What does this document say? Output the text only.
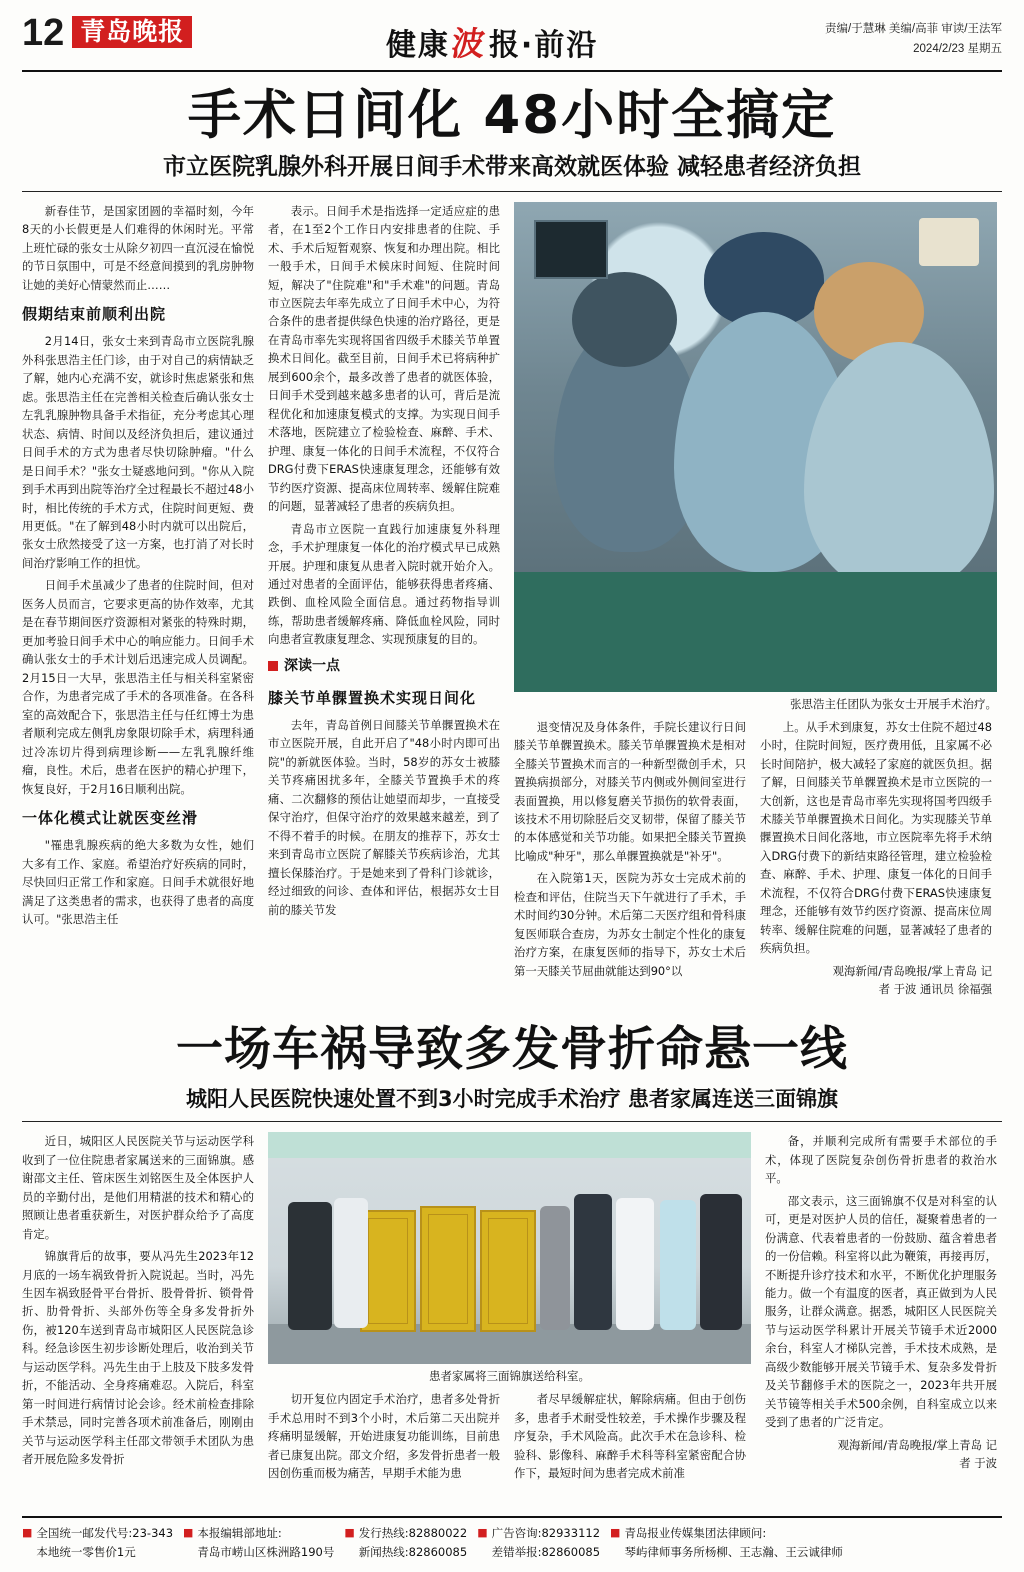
12 青岛晚报	健康波报·前沿	责编/于慧琳 美编/高菲 审读/王法军
2024/2/23 星期五
手术日间化 48小时全搞定
市立医院乳腺外科开展日间手术带来高效就医体验 减轻患者经济负担

新春佳节，是国家团圆的幸福时刻，今年8天的小长假更是人们难得的休闲时光。平常上班忙碌的张女士从除夕初四一直沉浸在愉悦的节日氛围中，可是不经意间摸到的乳房肿物让她的美好心情蒙然而止……

假期结束前顺利出院

2月14日，张女士来到青岛市立医院乳腺外科张思浩主任门诊，由于对自己的病情缺乏了解，她内心充满不安，就诊时焦虑紧张和焦虑。张思浩主任在完善相关检查后确认张女士左乳乳腺肿物具备手术指征，充分考虑其心理状态、病情、时间以及经济负担后，建议通过日间手术的方式为患者尽快切除肿瘤。"什么是日间手术？"张女士疑惑地问到。"你从入院到手术再到出院等治疗全过程最长不超过48小时，相比传统的手术方式，住院时间更短、费用更低。"在了解到48小时内就可以出院后，张女士欣然接受了这一方案，也打消了对长时间治疗影响工作的担忧。

日间手术虽减少了患者的住院时间，但对医务人员而言，它要求更高的协作效率，尤其是在春节期间医疗资源相对紧张的特殊时期，更加考验日间手术中心的响应能力。日间手术确认张女士的手术计划后迅速完成人员调配。2月15日一大早，张思浩主任与相关科室紧密合作，为患者完成了手术的各项准备。在各科室的高效配合下，张思浩主任与任红博士为患者顺利完成左侧乳房象限切除手术，病理科通过冷冻切片得到病理诊断——左乳乳腺纤维瘤，良性。术后，患者在医护的精心护理下，恢复良好，于2月16日顺利出院。

一体化模式让就医变丝滑

"罹患乳腺疾病的绝大多数为女性，她们大多有工作、家庭。希望治疗好疾病的同时，尽快回归正常工作和家庭。日间手术就很好地满足了这类患者的需求，也获得了患者的高度认可。"张思浩主任

表示。日间手术是指选择一定适应症的患者，在1至2个工作日内安排患者的住院、手术、手术后短暂观察、恢复和办理出院。相比一般手术，日间手术候床时间短、住院时间短，解决了"住院难"和"手术难"的问题。青岛市立医院去年率先成立了日间手术中心，为符合条件的患者提供绿色快速的治疗路径，更是在青岛市率先实现将国省四级手术膝关节单置换术日间化。截至目前，日间手术已将病种扩展到600余个，最多改善了患者的就医体验，日间手术受到越来越多患者的认可，背后是流程优化和加速康复模式的支撑。为实现日间手术落地，医院建立了检验检查、麻醉、手术、护理、康复一体化的日间手术流程，不仅符合DRG付费下ERAS快速康复理念，还能够有效节约医疗资源、提高床位周转率、缓解住院难的问题，显著减轻了患者的疾病负担。

青岛市立医院一直践行加速康复外科理念，手术护理康复一体化的治疗模式早已成熟开展。护理和康复从患者入院时就开始介入。通过对患者的全面评估，能够获得患者疼痛、跌倒、血栓风险全面信息。通过药物指导训练，帮助患者缓解疼痛、降低血栓风险，同时向患者宣教康复理念、实现预康复的目的。

深读一点
膝关节单髁置换术实现日间化

去年，青岛首例日间膝关节单髁置换术在市立医院开展，自此开启了"48小时内即可出院"的新就医体验。当时，58岁的苏女士被膝关节疼痛困扰多年，全膝关节置换手术的疼痛、二次翻修的预估让她望而却步，一直接受保守治疗，但保守治疗的效果越来越差，到了不得不着手的时候。在朋友的推荐下，苏女士来到青岛市立医院了解膝关节疾病诊治，尤其擅长保膝治疗。于是她来到了骨科门诊就诊，经过细致的问诊、查体和评估，根据苏女士目前的膝关节发

张思浩主任团队为张女士开展手术治疗。

退变情况及身体条件，手院长建议行日间膝关节单髁置换术。膝关节单髁置换术是相对全膝关节置换术而言的一种新型微创手术，只置换病损部分，对膝关节内侧或外侧间室进行表面置换，用以修复磨关节损伤的软骨表面，该技术不用切除胫后交叉韧带，保留了膝关节的本体感觉和关节功能。如果把全膝关节置换比喻成"种牙"，那么单髁置换就是"补牙"。

在入院第1天，医院为苏女士完成术前的检查和评估，住院当天下午就进行了手术，手术时间约30分钟。术后第二天医疗组和骨科康复医师联合查房，为苏女士制定个性化的康复治疗方案，在康复医师的指导下，苏女士术后第一天膝关节屈曲就能达到90°以

上。从手术到康复，苏女士住院不超过48小时，住院时间短，医疗费用低，且家属不必长时间陪护，极大减轻了家庭的就医负担。据了解，日间膝关节单髁置换术是市立医院的一大创新，这也是青岛市率先实现将国考四级手术膝关节单髁置换术日间化。为实现膝关节单髁置换术日间化落地，市立医院率先将手术纳入DRG付费下的新结束路径管理，建立检验检查、麻醉、手术、护理、康复一体化的日间手术流程，不仅符合DRG付费下ERAS快速康复理念，还能够有效节约医疗资源、提高床位周转率、缓解住院难的问题，显著减轻了患者的疾病负担。

观海新闻/青岛晚报/掌上青岛 记
者 于波 通讯员 徐福强
一场车祸导致多发骨折命悬一线
城阳人民医院快速处置不到3小时完成手术治疗 患者家属连送三面锦旗

近日，城阳区人民医院关节与运动医学科收到了一位住院患者家属送来的三面锦旗。感谢邵文主任、管床医生刘铭医生及全体医护人员的辛勤付出，是他们用精湛的技术和精心的照顾让患者重获新生，对医护群众给予了高度肯定。

锦旗背后的故事，要从冯先生2023年12月底的一场车祸致骨折入院说起。当时，冯先生因车祸致胫骨平台骨折、股骨骨折、锁骨骨折、肋骨骨折、头部外伤等全身多发骨折外伤，被120车送到青岛市城阳区人民医院急诊科。经急诊医生初步诊断处理后，收治到关节与运动医学科。冯先生由于上肢及下肢多发骨折，不能活动、全身疼痛难忍。入院后，科室第一时间进行病情讨论会诊。经术前检查排除手术禁忌，同时完善各项术前准备后，刚刚由关节与运动医学科主任邵文带领手术团队为患者开展危险多发骨折

患者家属将三面锦旗送给科室。

切开复位内固定手术治疗，患者多处骨折手术总用时不到3个小时，术后第二天出院并疼痛明显缓解，开始进康复功能训练，目前患者已康复出院。邵文介绍，多发骨折患者一般因创伤重而极为痛苦，早期手术能为患

者尽早缓解症状，解除病痛。但由于创伤多，患者手术耐受性较差，手术操作步骤及程序复杂，手术风险高。此次手术在急诊科、检验科、影像科、麻醉手术科等科室紧密配合协作下，最短时间为患者完成术前准

备，并顺利完成所有需要手术部位的手术，体现了医院复杂创伤骨折患者的救治水平。

邵文表示，这三面锦旗不仅是对科室的认可，更是对医护人员的信任，凝聚着患者的一份满意、代表着患者的一份鼓励、蕴含着患者的一份信赖。科室将以此为鞭策，再接再厉，不断提升诊疗技术和水平，不断优化护理服务能力。做一个有温度的医者，真正做到为人民服务，让群众满意。据悉，城阳区人民医院关节与运动医学科累计开展关节镜手术近2000余台，科室人才梯队完善，手术技术成熟，是高级少数能够开展关节镜手术、复杂多发骨折及关节翻修手术的医院之一，2023年共开展关节镜等相关手术500余例，自科室成立以来受到了患者的广泛肯定。

观海新闻/青岛晚报/掌上青岛 记
者 于波
■ 全国统一邮发代号:23-343
本地统一零售价1元
■ 本报编辑部地址:
青岛市崂山区株洲路190号
■ 发行热线:82880022
新闻热线:82860085
■ 广告咨询:82933112
差错举报:82860085
■ 青岛报业传媒集团法律顾问:
琴屿律师事务所杨柳、王志瀚、王云诚律师
